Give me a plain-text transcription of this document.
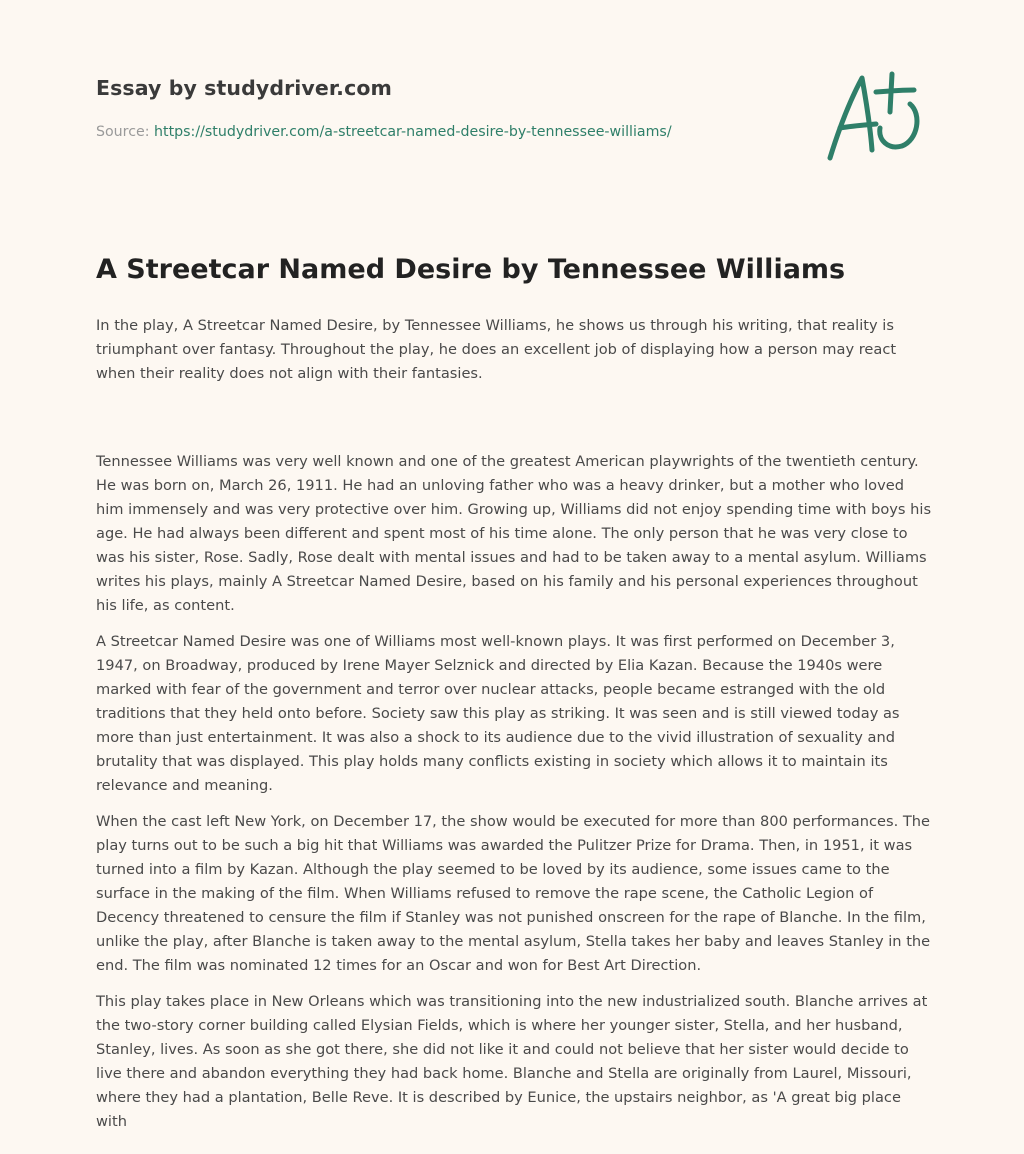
Essay by studydriver.com
Source: https://studydriver.com/a-streetcar-named-desire-by-tennessee-williams/
A Streetcar Named Desire by Tennessee Williams

In the play, A Streetcar Named Desire, by Tennessee Williams, he shows us through his writing, that reality is triumphant over fantasy. Throughout the play, he does an excellent job of displaying how a person may react when their reality does not align with their fantasies.

Tennessee Williams was very well known and one of the greatest American playwrights of the twentieth century. He was born on, March 26, 1911. He had an unloving father who was a heavy drinker, but a mother who loved him immensely and was very protective over him. Growing up, Williams did not enjoy spending time with boys his age. He had always been different and spent most of his time alone. The only person that he was very close to was his sister, Rose. Sadly, Rose dealt with mental issues and had to be taken away to a mental asylum. Williams writes his plays, mainly A Streetcar Named Desire, based on his family and his personal experiences throughout his life, as content.

A Streetcar Named Desire was one of Williams most well-known plays. It was first performed on December 3, 1947, on Broadway, produced by Irene Mayer Selznick and directed by Elia Kazan. Because the 1940s were marked with fear of the government and terror over nuclear attacks, people became estranged with the old traditions that they held onto before. Society saw this play as striking. It was seen and is still viewed today as more than just entertainment. It was also a shock to its audience due to the vivid illustration of sexuality and brutality that was displayed. This play holds many conflicts existing in society which allows it to maintain its relevance and meaning.

When the cast left New York, on December 17, the show would be executed for more than 800 performances. The play turns out to be such a big hit that Williams was awarded the Pulitzer Prize for Drama. Then, in 1951, it was turned into a film by Kazan. Although the play seemed to be loved by its audience, some issues came to the surface in the making of the film. When Williams refused to remove the rape scene, the Catholic Legion of Decency threatened to censure the film if Stanley was not punished onscreen for the rape of Blanche. In the film, unlike the play, after Blanche is taken away to the mental asylum, Stella takes her baby and leaves Stanley in the end. The film was nominated 12 times for an Oscar and won for Best Art Direction.

This play takes place in New Orleans which was transitioning into the new industrialized south. Blanche arrives at the two-story corner building called Elysian Fields, which is where her younger sister, Stella, and her husband, Stanley, lives. As soon as she got there, she did not like it and could not believe that her sister would decide to live there and abandon everything they had back home. Blanche and Stella are originally from Laurel, Missouri, where they had a plantation, Belle Reve. It is described by Eunice, the upstairs neighbor, as 'A great big place with
